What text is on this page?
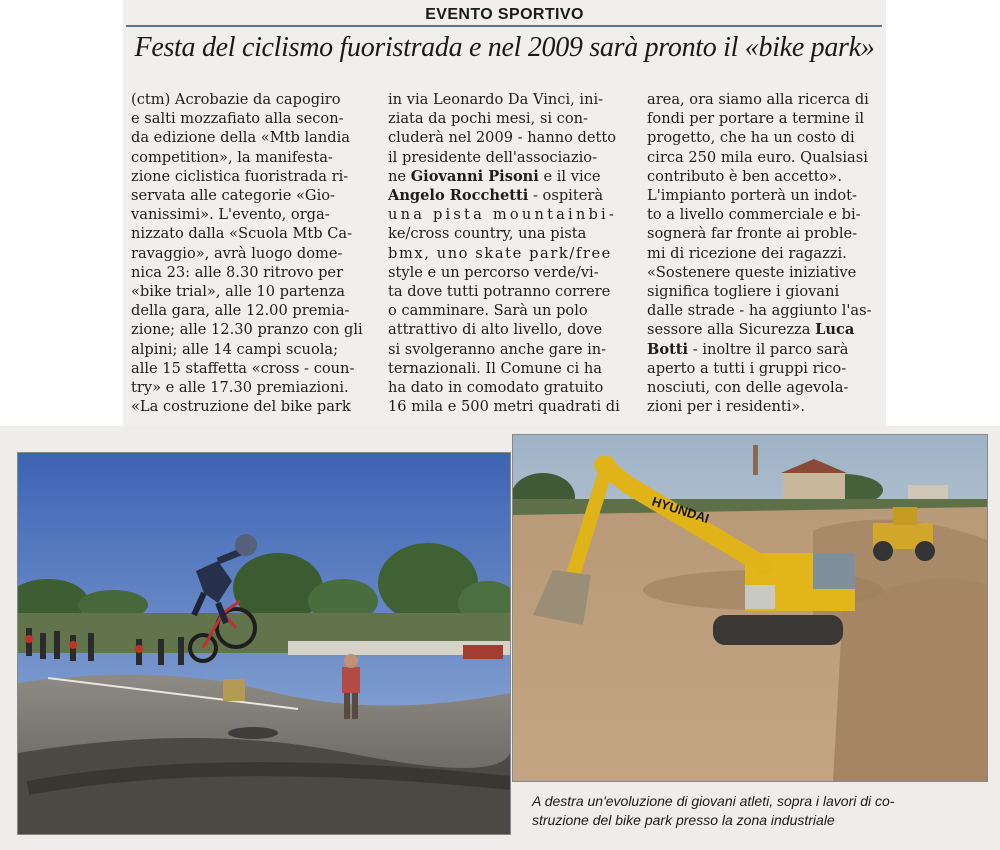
EVENTO SPORTIVO
Festa del ciclismo fuoristrada e nel 2009 sarà pronto il «bike park»
(ctm) Acrobazie da capogiro
e salti mozzafiato alla secon-
da edizione della «Mtb landia
competition», la manifesta-
zione ciclistica fuoristrada ri-
servata alle categorie «Gio-
vanissimi». L'evento, orga-
nizzato dalla «Scuola Mtb Ca-
ravaggio», avrà luogo dome-
nica 23: alle 8.30 ritrovo per
«bike trial», alle 10 partenza
della gara, alle 12.00 premia-
zione; alle 12.30 pranzo con gli
alpini; alle 14 campi scuola;
alle 15 staffetta «cross - coun-
try» e alle 17.30 premiazioni.
«La costruzione del bike park
in via Leonardo Da Vinci, ini-
ziata da pochi mesi, si con-
cluderà nel 2009 - hanno detto
il presidente dell'associazio-
ne Giovanni Pisoni e il vice
Angelo Rocchetti - ospiterà
una pista mountainbi-
ke/cross country, una pista
bmx, uno skate park/free
style e un percorso verde/vi-
ta dove tutti potranno correre
o camminare. Sarà un polo
attrattivo di alto livello, dove
si svolgeranno anche gare in-
ternazionali. Il Comune ci ha
ha dato in comodato gratuito
16 mila e 500 metri quadrati di
area, ora siamo alla ricerca di
fondi per portare a termine il
progetto, che ha un costo di
circa 250 mila euro. Qualsiasi
contributo è ben accetto».
L'impianto porterà un indot-
to a livello commerciale e bi-
sognerà far fronte ai proble-
mi di ricezione dei ragazzi.
«Sostenere queste iniziative
significa togliere i giovani
dalle strade - ha aggiunto l'as-
sessore alla Sicurezza Luca
Botti - inoltre il parco sarà
aperto a tutti i gruppi rico-
nosciuti, con delle agevola-
zioni per i residenti».
HYUNDAI
A destra un'evoluzione di giovani atleti, sopra i lavori di co-
struzione del bike park presso la zona industriale
